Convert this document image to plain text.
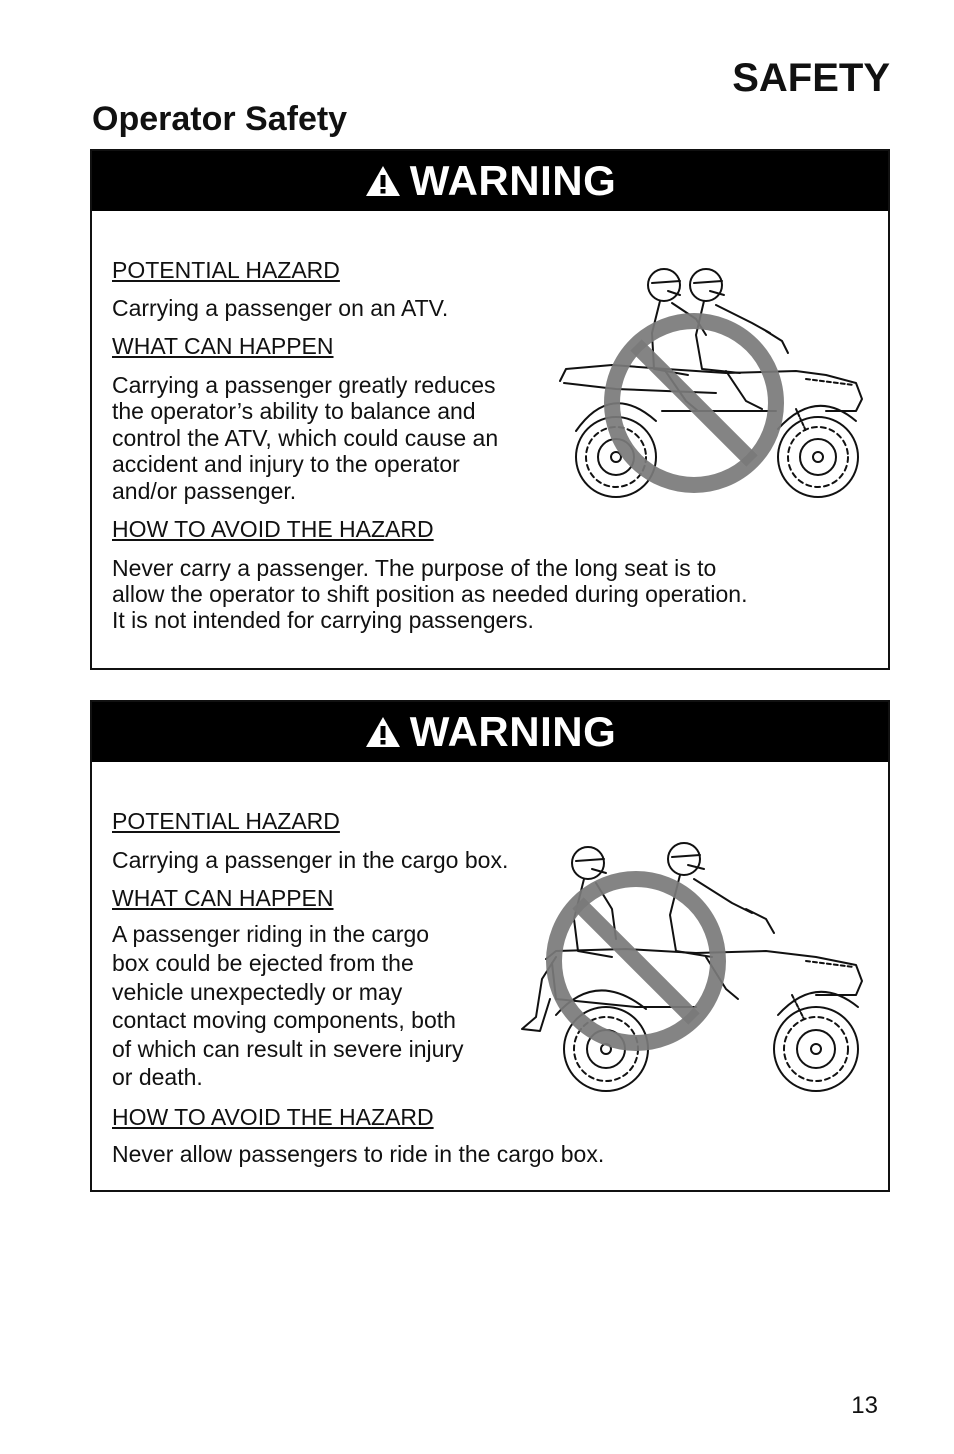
SAFETY
Operator Safety
WARNING

POTENTIAL HAZARD

Carrying a passenger on an ATV.

WHAT CAN HAPPEN

Carrying a passenger greatly reduces

the operator’s ability to balance and

control the ATV, which could cause an

accident and injury to the operator

and/or passenger.

HOW TO AVOID THE HAZARD

Never carry a passenger. The purpose of the long seat is to

allow the operator to shift position as needed during operation.

It is not intended for carrying passengers.

WARNING

POTENTIAL HAZARD

Carrying a passenger in the cargo box.

WHAT CAN HAPPEN

A passenger riding in the cargo

box could be ejected from the

vehicle unexpectedly or may

contact moving components, both

of which can result in severe injury

or death.

HOW TO AVOID THE HAZARD

Never allow passengers to ride in the cargo box.

13
